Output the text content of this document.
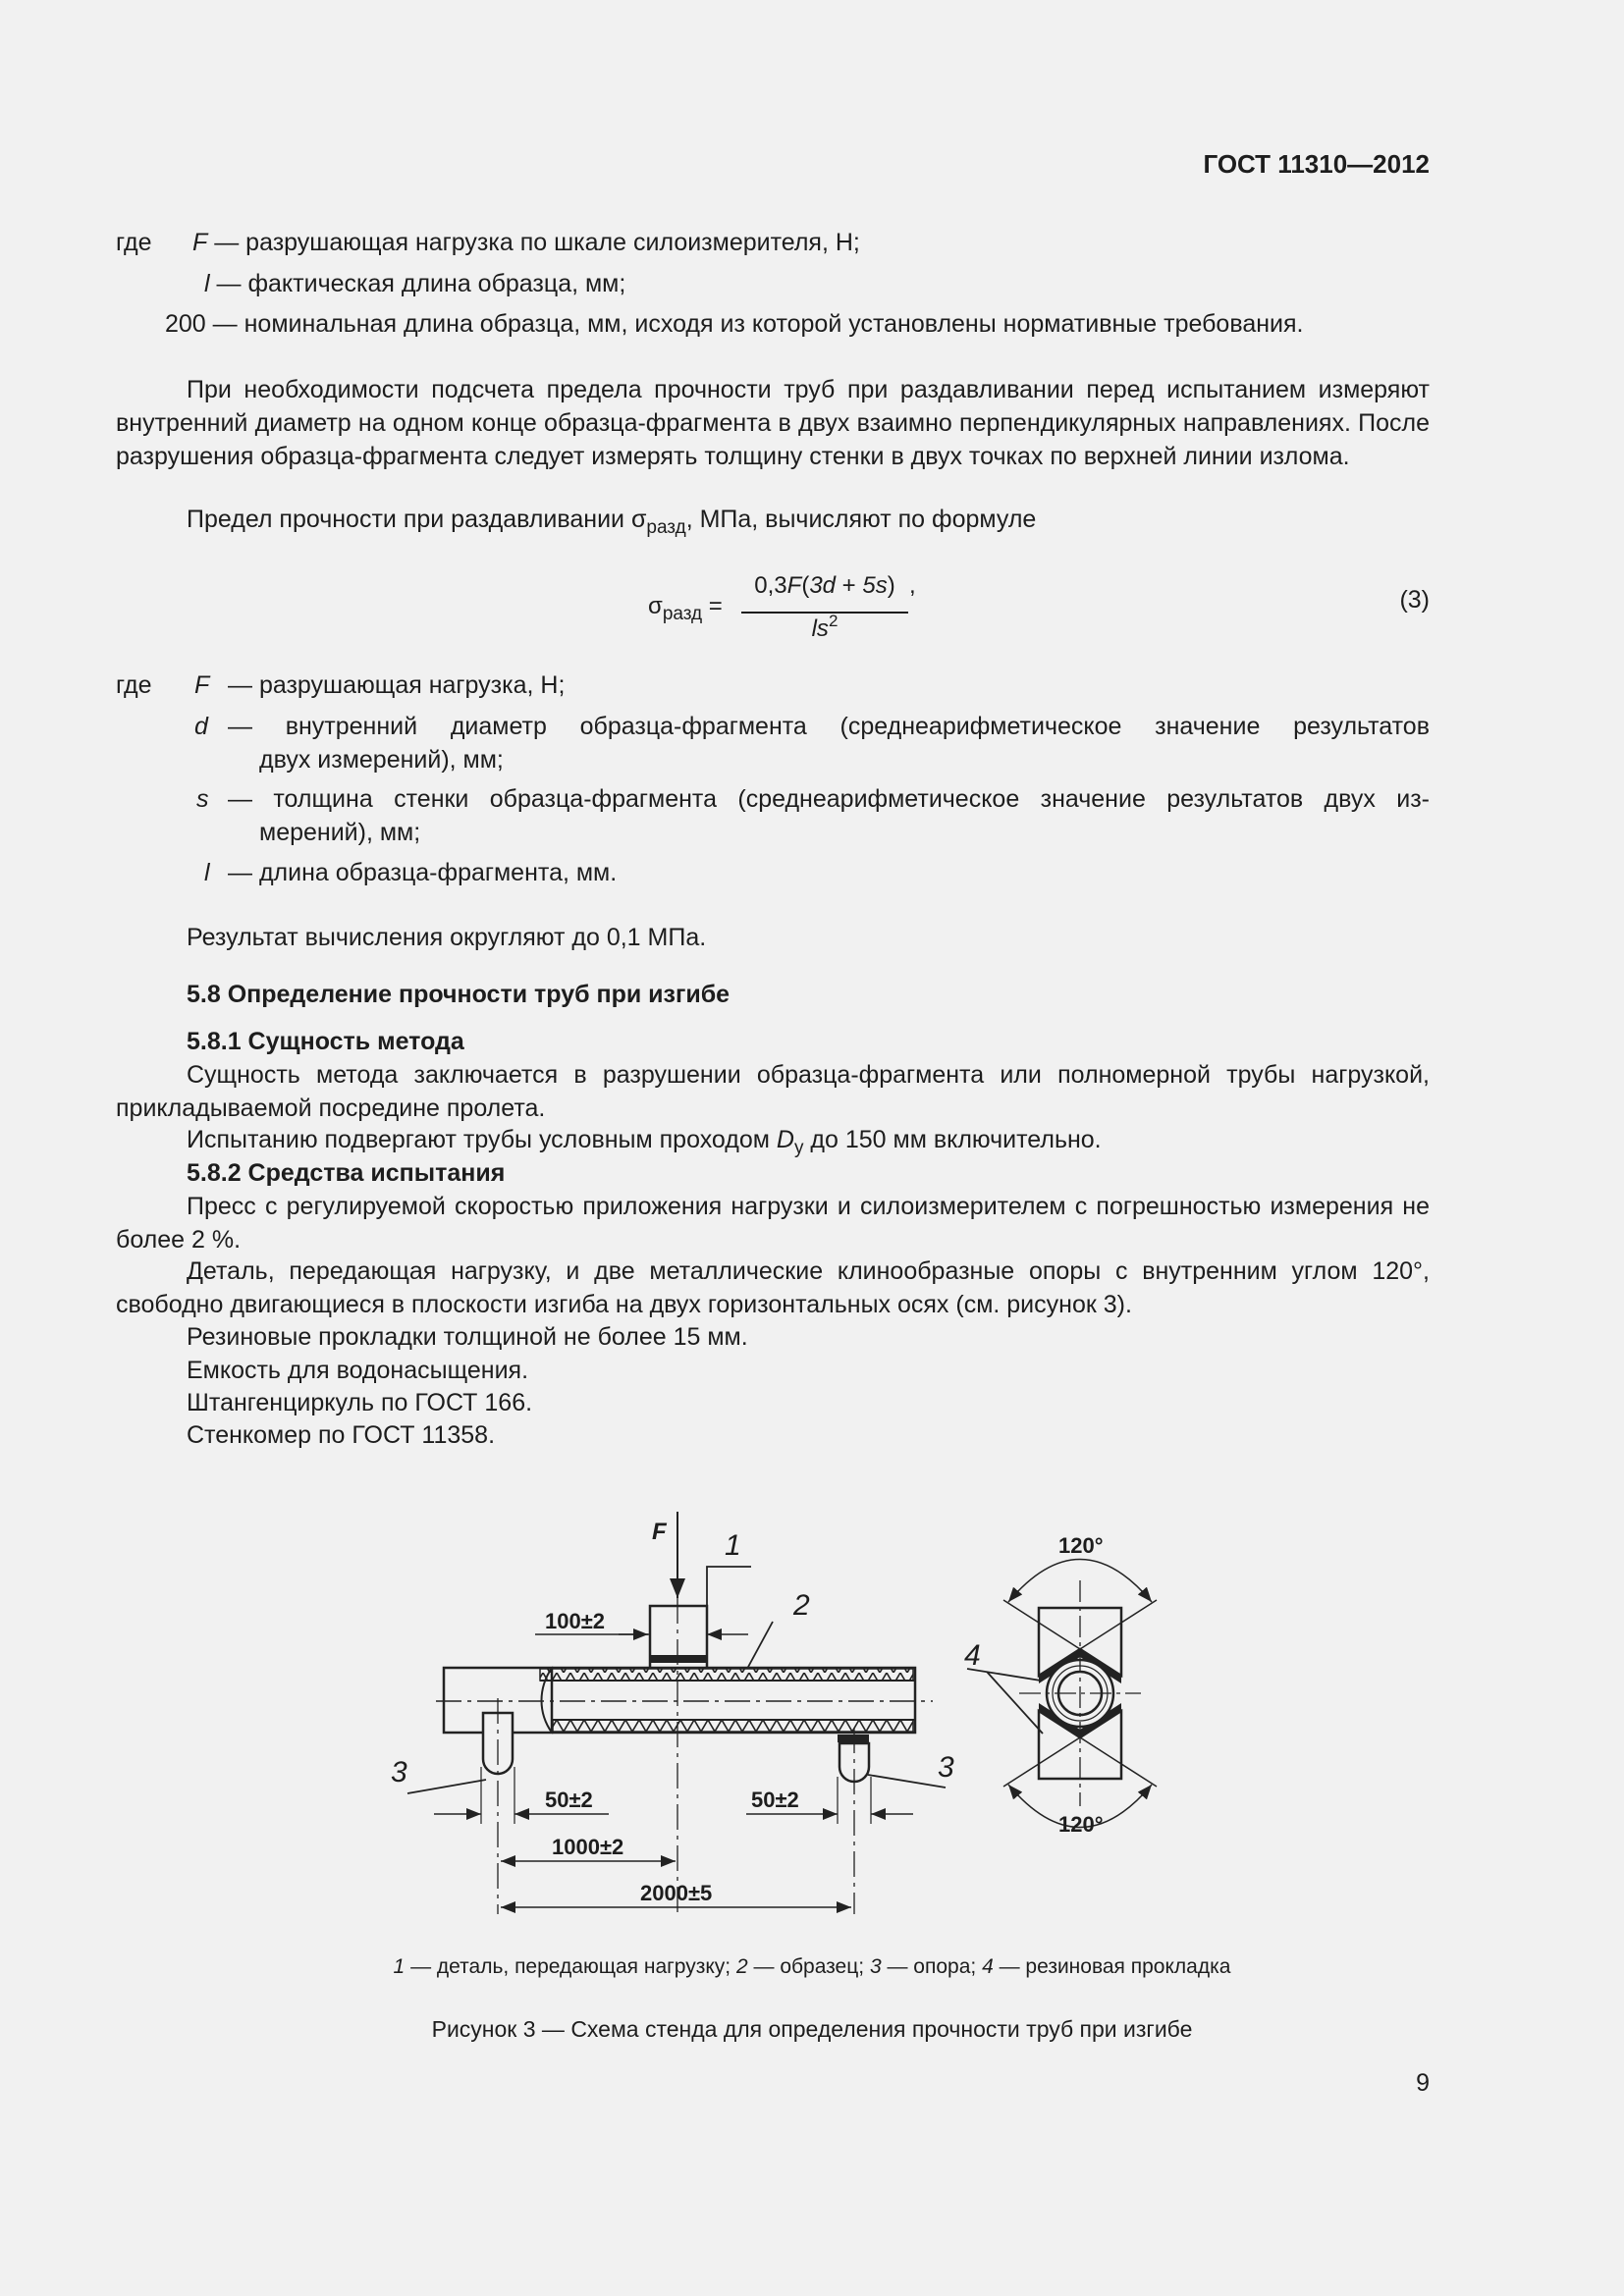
ГОСТ 11310—2012
где F — разрушающая нагрузка по шкале силоизмерителя, Н;
l — фактическая длина образца, мм;
200 — номинальная длина образца, мм, исходя из которой установлены нормативные требования.
При необходимости подсчета предела прочности труб при раздавливании перед испытанием измеряют внутренний диаметр на одном конце образца-фрагмента в двух взаимно перпендикулярных направлениях. После разрушения образца-фрагмента следует измерять толщину стенки в двух точках по верхней линии излома.
Предел прочности при раздавливании $\sigma_{разд}$, МПа, вычисляют по формуле
$\sigma_{разд}$ =
0,3F(3d + 5s)
$ls^2$
,
(3)
где F — разрушающая нагрузка, Н;
d — внутренний диаметр образца-фрагмента (среднеарифметическое значение результатов
двух измерений), мм;
s — толщина стенки образца-фрагмента (среднеарифметическое значение результатов двух из-
мерений), мм;
l — длина образца-фрагмента, мм.
Результат вычисления округляют до 0,1 МПа.
5.8 Определение прочности труб при изгибе
5.8.1 Сущность метода
Сущность метода заключается в разрушении образца-фрагмента или полномерной трубы нагрузкой, прикладываемой посредине пролета.
Испытанию подвергают трубы условным проходом $D_у$ до 150 мм включительно.
5.8.2 Средства испытания
Пресс с регулируемой скоростью приложения нагрузки и силоизмерителем с погрешностью измерения не более 2 %.
Деталь, передающая нагрузку, и две металлические клинообразные опоры с внутренним углом 120°, свободно двигающиеся в плоскости изгиба на двух горизонтальных осях (см. рисунок 3).
Резиновые прокладки толщиной не более 15 мм.
Емкость для водонасыщения.
Штангенциркуль по ГОСТ 166.
Стенкомер по ГОСТ 11358.
F 1
2
3	3
100±2
50±2	50±2
1000±2
2000±5
120°
120°
4
1 — деталь, передающая нагрузку; 2 — образец; 3 — опора; 4 — резиновая прокладка
Рисунок 3 — Схема стенда для определения прочности труб при изгибе
9
